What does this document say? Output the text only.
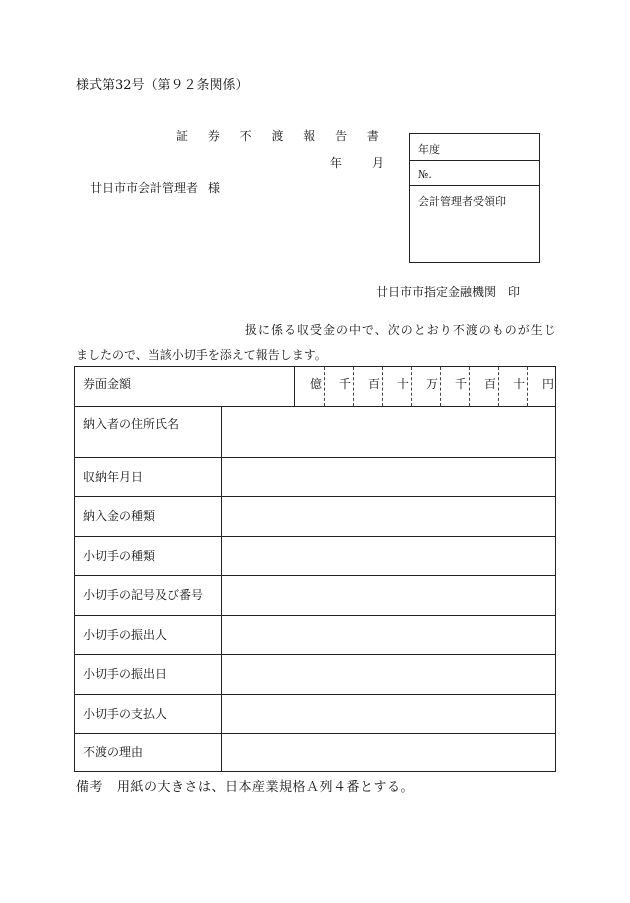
様式第32号（第９２条関係）
証 券 不 渡 報 告 書
年	月
廿日市市会計管理者 様
年度
№.
会計管理者受領印
廿日市市指定金融機関　印
扱に係る収受金の中で、次のとおり不渡のものが生じ
ましたので、当該小切手を添えて報告します。
券面金額	億 千 百 十 万 千 百 十 円
納入者の住所氏名
収納年月日
納入金の種類
小切手の種類
小切手の記号及び番号
小切手の振出人
小切手の振出日
小切手の支払人
不渡の理由
備考 用紙の大きさは、日本産業規格Ａ列４番とする。
